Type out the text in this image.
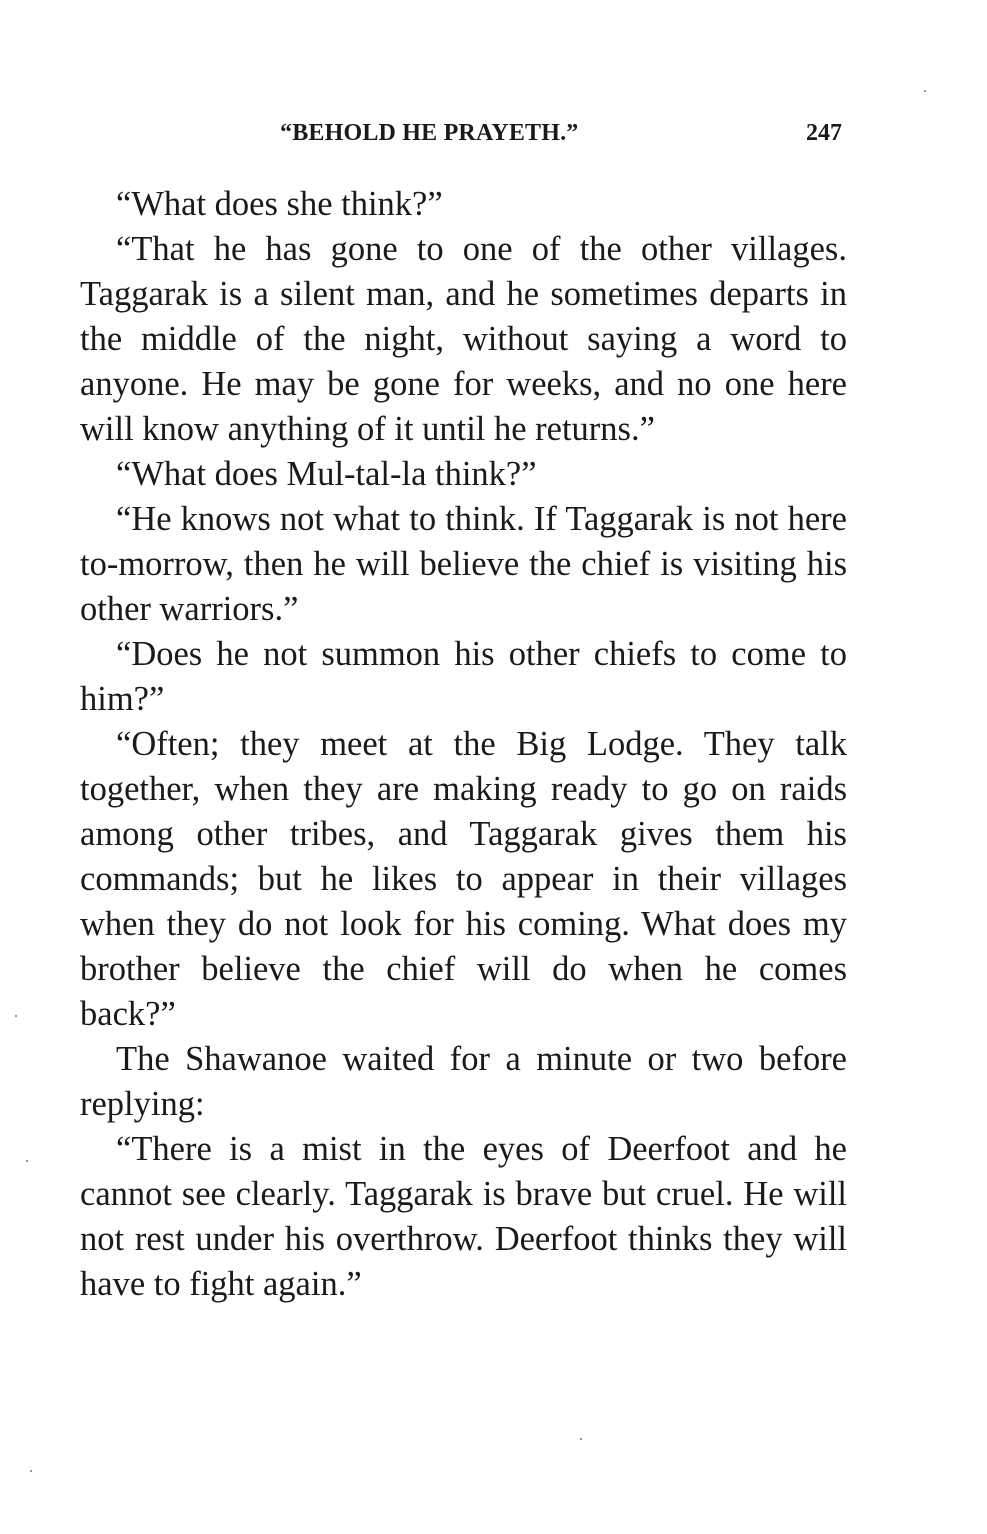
“BEHOLD HE PRAYETH.”	247

“What does she think?”

“That he has gone to one of the other villages. Taggarak is a silent man, and he sometimes departs in the middle of the night, without saying a word to anyone. He may be gone for weeks, and no one here will know anything of it until he returns.”

“What does Mul-tal-la think?”

“He knows not what to think. If Taggarak is not here to-morrow, then he will believe the chief is visiting his other warriors.”

“Does he not summon his other chiefs to come to him?”

“Often; they meet at the Big Lodge. They talk together, when they are making ready to go on raids among other tribes, and Taggarak gives them his commands; but he likes to appear in their villages when they do not look for his coming. What does my brother believe the chief will do when he comes back?”

The Shawanoe waited for a minute or two before replying:

“There is a mist in the eyes of Deerfoot and he cannot see clearly. Taggarak is brave but cruel. He will not rest under his overthrow. Deerfoot thinks they will have to fight again.”
